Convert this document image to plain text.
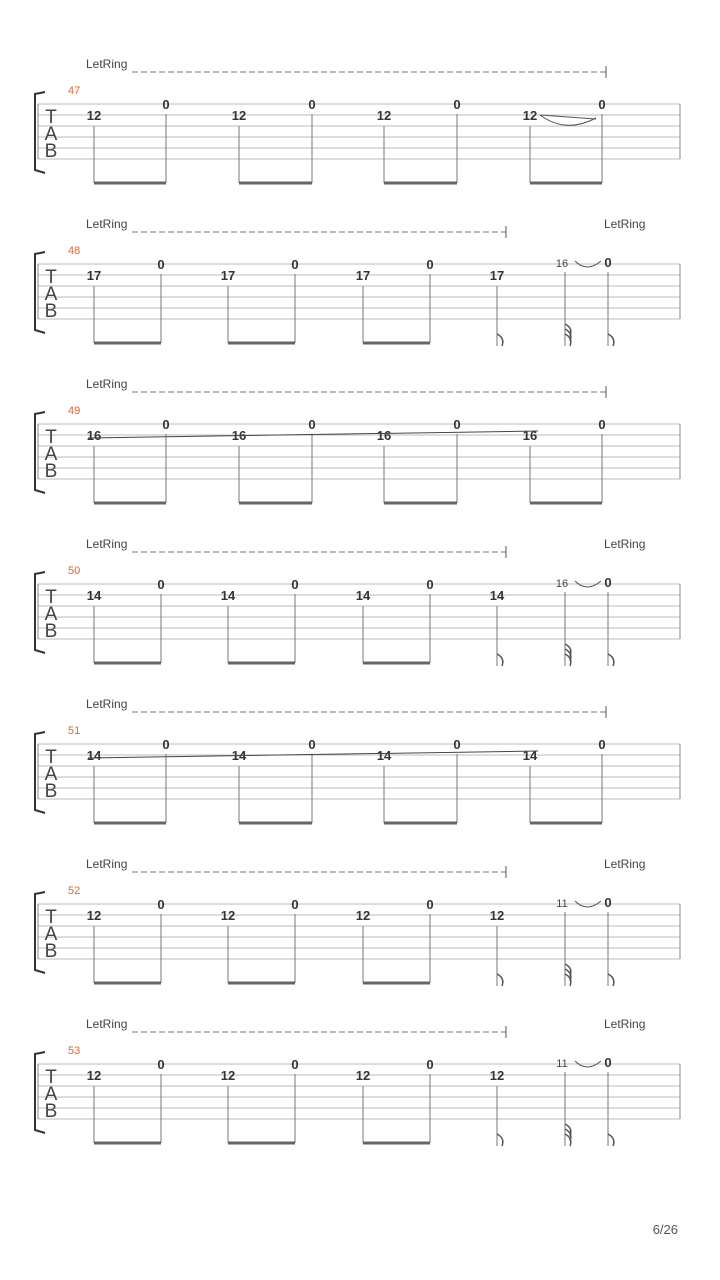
T
A
B
47
LetRing
12
0
12
0
12
0
12
0
T
A
B
48
LetRing	LetRing
17
0
17
0
17
0
17
16	0
T
A
B
49
LetRing
16
0	0
16
0
16
0
T
A
B
50
LetRing	LetRing
14
0
14
0
14
0
14
16	0
T
A
B
51
LetRing
14
0	0
14
0
14
0
T
A
B
52
LetRing	LetRing
12
0
12
0
12
0
12
11	0
T
A
B
53
LetRing	LetRing
12
0
12
0
12
0
12
11	0
6/26
